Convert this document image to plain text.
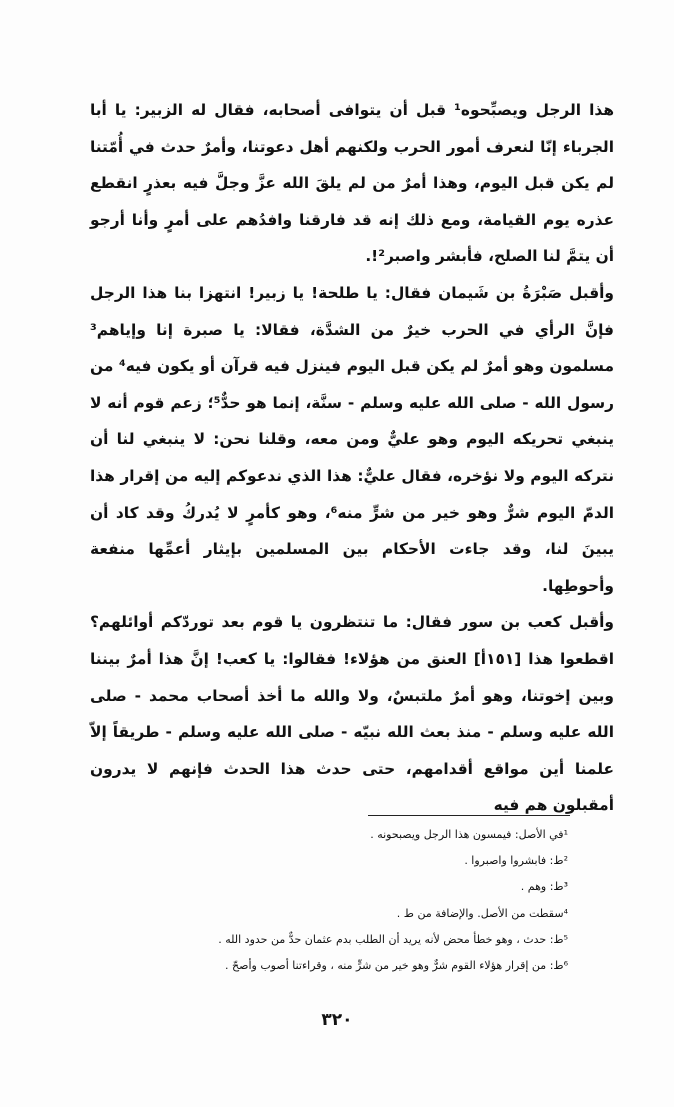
هذا الرجل ويصبِّحوه¹ قبل أن يتوافى أصحابه، فقال له الزبير: يا أبا الجرباء إنّا لنعرف أمور الحرب ولكنهم أهل دعوتنا، وأمرٌ حدث في أُمّتنا لم يكن قبل اليوم، وهذا أمرٌ من لم يلقَ الله عزَّ وجلَّ فيه بعذرٍ انقطع عذره يوم القيامة، ومع ذلك إنه قد فارقنا وافدُهم على أمرٍ وأنا أرجو أن يتمَّ لنا الصلح، فأبشر واصبر²!.

وأقبل صَبْرَةُ بن شَيمان فقال: يا طلحة! يا زبير! انتهزا بنا هذا الرجل فإنَّ الرأي في الحرب خيرٌ من الشدَّة، فقالا: يا صبرة إنا وإياهم³ مسلمون وهو أمرٌ لم يكن قبل اليوم فينزل فيه قرآن أو يكون فيه⁴ من رسول الله - صلى الله عليه وسلم - سنَّة، إنما هو حدٌّ⁵؛ زعم قوم أنه لا ينبغي تحريكه اليوم وهو عليٌّ ومن معه، وقلنا نحن: لا ينبغي لنا أن نتركه اليوم ولا نؤخره، فقال عليٌّ: هذا الذي ندعوكم إليه من إقرار هذا الدمّ اليوم شرٌّ وهو خير من شرٍّ منه⁶، وهو كأمرٍ لا يُدركُ وقد كاد أن يبينَ لنا، وقد جاءت الأحكام بين المسلمين بإيثار أعمِّها منفعة وأحوطِها.

وأقبل كعب بن سور فقال: ما تنتظرون يا قوم بعد توردّكم أوائلهم؟ اقطعوا هذا [١٥١أ] العنق من هؤلاء! فقالوا: يا كعب! إنَّ هذا أمرٌ بيننا وبين إخوتنا، وهو أمرٌ ملتبسٌ، ولا والله ما أخذ أصحاب محمد - صلى الله عليه وسلم - منذ بعث الله نبيّه - صلى الله عليه وسلم - طريقاً إلاّ علمنا أين مواقع أقدامهم، حتى حدث هذا الحدث فإنهم لا يدرون أمقبلون هم فيه

¹في الأصل: فيمسون هذا الرجل ويصبحونه .

²ط: فابشروا واصبروا .

³ط: وهم .

⁴سقطت من الأصل. والإضافة من ط .

⁵ط: حدث ، وهو خطأ محض لأنه يريد أن الطلب بدم عثمان حدٌّ من حدود الله .

⁶ط: من إقرار هؤلاء القوم شرٌّ وهو خير من شرٍّ منه ، وقراءتنا أصوب وأصحّ .

٣٢٠
